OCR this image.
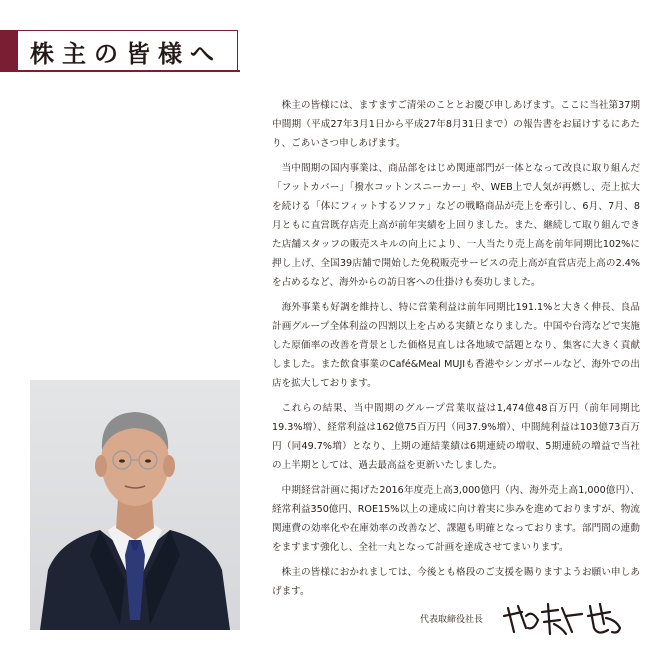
株主の皆様へ

株主の皆様には、ますますご清栄のこととお慶び申しあげます。ここに当社第37期中間期（平成27年3月1日から平成27年8月31日まで）の報告書をお届けするにあたり、ごあいさつ申しあげます。

当中間期の国内事業は、商品部をはじめ関連部門が一体となって改良に取り組んだ「フットカバー」「撥水コットンスニーカー」や、WEB上で人気が再燃し、売上拡大を続ける「体にフィットするソファ」などの戦略商品が売上を牽引し、6月、7月、8月ともに直営既存店売上高が前年実績を上回りました。また、継続して取り組んできた店舗スタッフの販売スキルの向上により、一人当たり売上高を前年同期比102%に押し上げ、全国39店舗で開始した免税販売サービスの売上高が直営店売上高の2.4%を占めるなど、海外からの訪日客への仕掛けも奏功しました。

海外事業も好調を維持し、特に営業利益は前年同期比191.1%と大きく伸長、良品計画グループ全体利益の四割以上を占める実績となりました。中国や台湾などで実施した原価率の改善を背景とした価格見直しは各地域で話題となり、集客に大きく貢献しました。また飲食事業のCafé&Meal MUJIも香港やシンガポールなど、海外での出店を拡大しております。

これらの結果、当中間期のグループ営業収益は1,474億48百万円（前年同期比19.3%増）、経常利益は162億75百万円（同37.9%増）、中間純利益は103億73百万円（同49.7%増）となり、上期の連結業績は6期連続の増収、5期連続の増益で当社の上半期としては、過去最高益を更新いたしました。

中期経営計画に掲げた2016年度売上高3,000億円（内、海外売上高1,000億円）、経常利益350億円、ROE15%以上の達成に向け着実に歩みを進めておりますが、物流関連費の効率化や在庫効率の改善など、課題も明確となっております。部門間の連動をますます強化し、全社一丸となって計画を達成させてまいります。

株主の皆様におかれましては、今後とも格段のご支援を賜りますようお願い申しあげます。

代表取締役社長
